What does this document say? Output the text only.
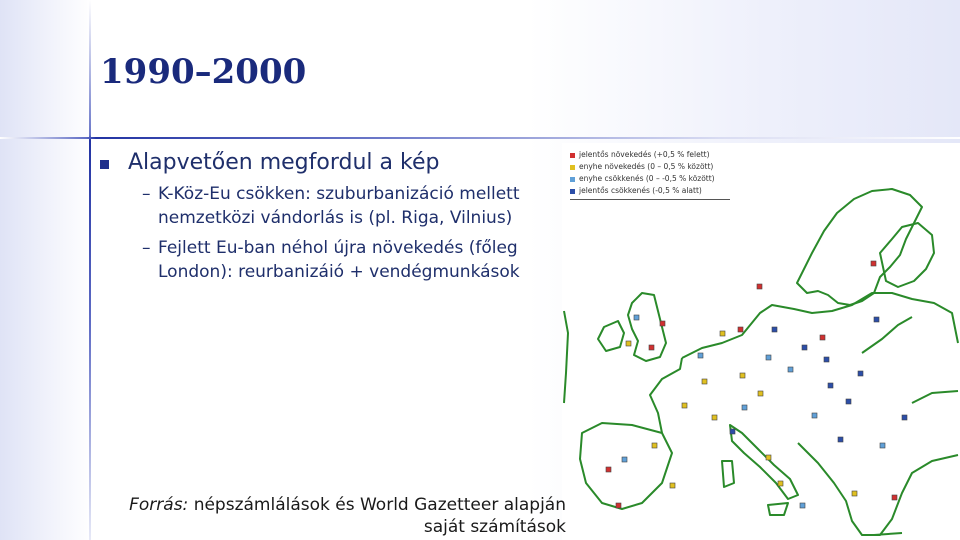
1990–2000
Alapvetően megfordul a kép
– K-Köz-Eu csökken: szuburbanizáció mellett nemzetközi vándorlás is (pl. Riga, Vilnius)
– Fejlett Eu-ban néhol újra növekedés (főleg London): reurbanizáió + vendégmunkások
jelentős növekedés (+0,5 % felett)
enyhe növekedés (0 – 0,5 % között)
enyhe csökkenés (0 – -0,5 % között)
jelentős csökkenés (-0,5 % alatt)
Forrás: népszámlálások és World Gazetteer alapján
saját számítások
